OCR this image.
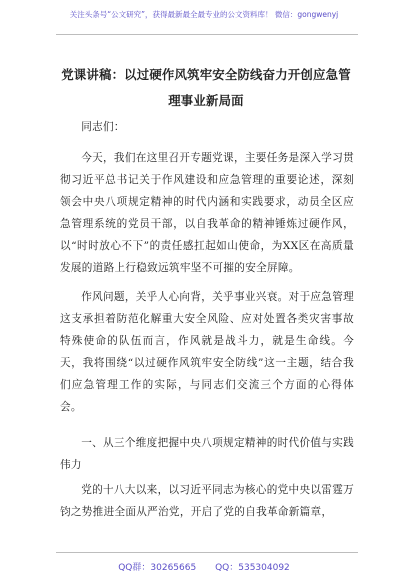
关注头条号“公文研究”，获得最新最全最专业的公文资料库！ 微信：gongwenyj
党课讲稿：以过硬作风筑牢安全防线奋力开创应急管理事业新局面
同志们：

今天，我们在这里召开专题党课，主要任务是深入学习贯彻习近平总书记关于作风建设和应急管理的重要论述，深刻领会中央八项规定精神的时代内涵和实践要求，动员全区应急管理系统的党员干部，以自我革命的精神锤炼过硬作风，以“时时放心不下”的责任感扛起如山使命，为XX区在高质量发展的道路上行稳致远筑牢坚不可摧的安全屏障。

作风问题，关乎人心向背，关乎事业兴衰。对于应急管理这支承担着防范化解重大安全风险、应对处置各类灾害事故特殊使命的队伍而言，作风就是战斗力，就是生命线。今天，我将围绕“以过硬作风筑牢安全防线”这一主题，结合我们应急管理工作的实际，与同志们交流三个方面的心得体会。

一、从三个维度把握中央八项规定精神的时代价值与实践伟力

党的十八大以来，以习近平同志为核心的党中央以雷霆万钧之势推进全面从严治党，开启了党的自我革命新篇章，

QQ群：30265665 QQ：535304092
